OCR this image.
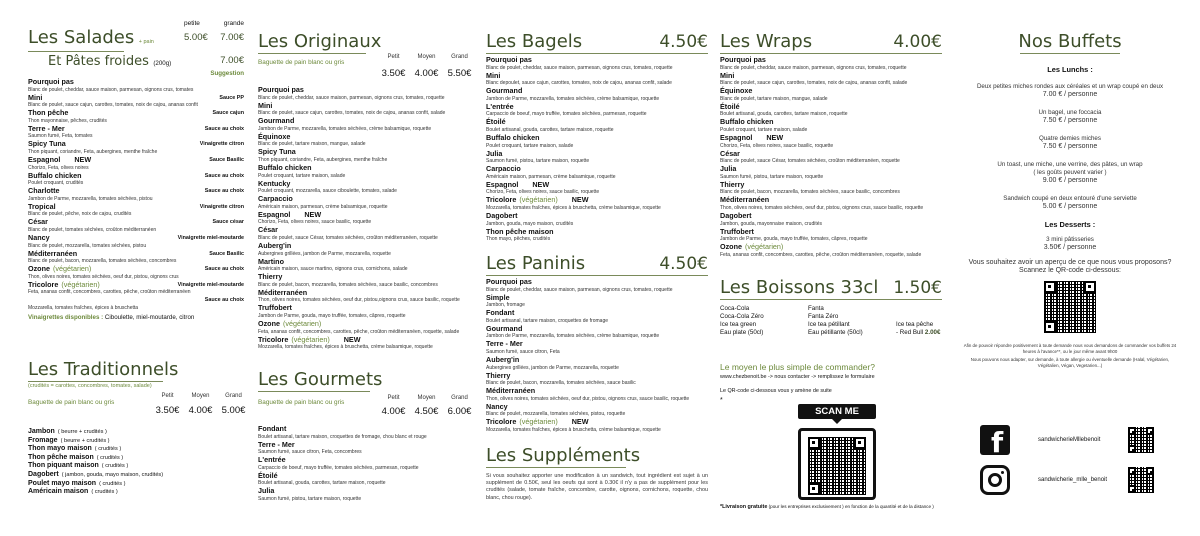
Les Salades + pain
petite	grande
5.00€ 7.00€
Et Pâtes froides (200g)	7.00€
Suggestion
Pourquoi pas
Blanc de poulet, cheddar, sauce maison, parmesan, oignons crus, tomates
Mini	Sauce PP
Blanc de poulet, sauce cajun, carottes, tomates, noix de cajou, ananas confit
Thon pêche	Sauce cajun
Thon mayonnaise, pêches, crudités
Terre - Mer	Sauce au choix
Saumon fumé, Feta, tomates
Spicy Tuna	Vinaigrette citron
Thon piquant, coriandre, Feta, aubergines, menthe fraîche
Espagnol NEW	Sauce Basilic
Chorizo, Feta, olives noires
Buffalo chicken	Sauce au choix
Poulet croquant, crudités
Charlotte	Sauce au choix
Jambon de Parme, mozzarella, tomates séchées, pistou
Tropical	Vinaigrette citron
Blanc de poulet, pêche, noix de cajou, crudités
César	Sauce césar
Blanc de poulet, tomates séchées, croûton méditerranéen
Nancy	Vinaigrette miel-moutarde
Blanc de poulet, mozzarella, tomates séchées, pistou
Méditerranéen	Sauce Basilic
Blanc de poulet, bacon, mozzarella, tomates séchées, concombres
Ozone (végétarien)	Sauce au choix
Thon, olives noires, tomates séchées, oeuf dur, pistou, oignons crus
Tricolore (végétarien)	Vinaigrette miel-moutarde
Feta, ananas confit, concombres, carottes, pêche, croûton méditerranéen
Sauce au choix
Mozzarella, tomates fraîches, épices à bruschetta
Vinaigrettes disponibles : Ciboulette, miel-moutarde, citron
Les Traditionnels
(crudités = carottes, concombres, tomates, salade)
Baguette de pain blanc ou gris
Petit	Moyen	Grand
3.50€ 4.00€ 5.00€
Jambon ( beurre + crudités )
Fromage ( beurre + crudités )
Thon mayo maison ( crudités )
Thon pêche maison ( crudités )
Thon piquant maison ( crudités )
Dagobert ( jambon, gouda, mayo maison, crudités)
Poulet mayo maison ( crudités )
Américain maison ( crudités )
Les Originaux
Petit	Moyen	Grand
Baguette de pain blanc ou gris
3.50€ 4.00€ 5.50€
Pourquoi pas
Blanc de poulet, cheddar, sauce maison, parmesan, oignons crus, tomates, roquette
Mini
Blanc de poulet, sauce cajun, carottes, tomates, noix de cajou, ananas confit, salade
Gourmand
Jambon de Parme, mozzarella, tomates séchées, crème balsamique, roquette
Équinoxe
Blanc de poulet, tartare maison, mangue, salade
Spicy Tuna
Thon piquant, coriandre, Feta, aubergines, menthe fraîche
Buffalo chicken
Poulet croquant, tartare maison, salade
Kentucky
Poulet croquant, mozzarella, sauce ciboulette, tomates, salade
Carpaccio
Américain maison, parmesan, crème balsamique, roquette
Espagnol NEW
Chorizo, Feta, olives noires, sauce basilic, roquette
César
Blanc de poulet, sauce César, tomates séchées, croûton méditerranéen, roquette
Auberg'in
Aubergines grillées, jambon de Parme, mozzarella, roquette
Martino
Américain maison, sauce martino, oignons crus, cornichons, salade
Thierry
Blanc de poulet, bacon, mozzarella, tomates séchées, sauce basilic, concombres
Méditerranéen
Thon, olives noires, tomates séchées, oeuf dur, pistou,oignons crus, sauce basilic, roquette
Truffobert
Jambon de Parme, gouda, mayo truffée, tomates, câpres, roquette
Ozone (végétarien)
Feta, ananas confit, concombres, carottes, pêche, croûton méditerranéen, roquette, salade
Tricolore (végétarien) NEW
Mozzarella, tomates fraîches, épices à bruschetta, crème balsamique, roquette
Les Gourmets
Baguette de pain blanc ou gris
Petit	Moyen	Grand
4.00€ 4.50€ 6.00€
Fondant
Boulet artisanal, tartare maison, croquettes de fromage, chou blanc et rouge
Terre - Mer
Saumon fumé, sauce citron, Feta, concombres
L'entrée
Carpaccio de boeuf, mayo truffée, tomates séchées, parmesan, roquette
Étoilé
Boulet artisanal, gouda, carottes, tartare maison, roquette
Julia
Saumon fumé, pistou, tartare maison, roquette
Les Bagels	4.50€
Pourquoi pas
Blanc de poulet, cheddar, sauce maison, parmesan, oignons crus, tomates, roquette
Mini
Blanc depoulet, sauce cajun, carottes, tomates, noix de cajou, ananas confit, salade
Gourmand
Jambon de Parme, mozzarella, tomates séchées, crème balsamique, roquette
L'entrée
Carpaccio de boeuf, mayo truffée, tomates séchées, parmesan, roquette
Étoilé
Boulet artisanal, gouda, carottes, tartare maison, roquette
Buffalo chicken
Poulet croquant, tartare maison, salade
Julia
Saumon fumé, pistou, tartare maison, roquette
Carpaccio
Américain maison, parmesan, crème balsamique, roquette
Espagnol NEW
Chorizo, Feta, olives noires, sauce basilic, roquette
Tricolore (végétarien) NEW
Mozzarella, tomates fraîches, épices à bruschetta, crème balsamique, roquette
Dagobert
Jambon, gouda, mayo maison, crudités
Thon pêche maison
Thon mayo, pêches, crudités
Les Paninis	4.50€
Pourquoi pas
Blanc de poulet, cheddar, sauce maison, parmesan, oignons crus, tomates, roquette
Simple
Jambon, fromage
Fondant
Boulet artisanal, tartare maison, croquettes de fromage
Gourmand
Jambon de Parme, mozzarella, tomates séchées, crème balsamique, roquette
Terre - Mer
Saumon fumé, sauce citron, Feta
Auberg'in
Aubergines grillées, jambon de Parme, mozzarella, roquette
Thierry
Blanc de poulet, bacon, mozzarella, tomates séchées, sauce basilic
Méditerranéen
Thon, olives noires, tomates séchées, oeuf dur, pistou, oignons crus, sauce basilic, roquette
Nancy
Blanc de poulet, mozzarella, tomates séchées, pistou, roquette
Tricolore (végétarien) NEW
Mozzarella, tomates fraîches, épices à bruschetta, crème balsamique, roquette
Les Suppléments
Si vous souhaitez apporter une modification à un sandwich, tout ingrédient est sujet à un supplément de 0.50€, seul les oeufs qui sont à 0.30€ il n'y a pas de supplément pour les crudités (salade, tomate fraîche, concombre, carotte, oignons, cornichons, roquette, chou blanc, chou rouge).
Les Wraps	4.00€
Pourquoi pas
Blanc de poulet, cheddar, sauce maison, parmesan, oignons crus, tomates, roquette
Mini
Blanc de poulet, sauce cajun, carottes, tomates, noix de cajou, ananas confit, salade
Équinoxe
Blanc de poulet, tartare maison, mangue, salade
Étoilé
Boulet artisanal, gouda, carottes, tartare maison, roquette
Buffalo chicken
Poulet croquant, tartare maison, salade
Espagnol NEW
Chorizo, Feta, olives noires, sauce basilic, roquette
César
Blanc de poulet, sauce César, tomates séchées, croûton méditerranéen, roquette
Julia
Saumon fumé, pistou, tartare maison, roquette
Thierry
Blanc de poulet, bacon, mozzarella, tomates séchées, sauce basilic, concombres
Méditerranéen
Thon, olives noires, tomates séchées, oeuf dur, pistou, oignons crus, sauce basilic, roquette
Dagobert
Jambon, gouda, mayonnaise maison, crudités
Truffobert
Jambon de Parme, gouda, mayo truffée, tomates, câpres, roquette
Ozone (végétarien)
Feta, ananas confit, concombres, carottes, pêche, croûton méditerranéen, roquette, salade
Les Boissons 33cl 1.50€
Coca-Cola
Coca-Cola Zéro
Ice tea green
Eau plate (50cl)
Fanta
Fanta Zéro
Ice tea pétillant
Eau pétillante (50cl)
Ice tea pêche
- Red Bull 2.00€
Le moyen le plus simple de commander?
www.chezbenoit.be -> nous contacter -> remplissez le formulaire
Le QR-code ci-dessous vous y amène de suite
*
SCAN ME
*Livraison gratuite (pour les entreprises exclusivement ) en fonction de la quantité et de la distance )
Nos Buffets
Les Lunchs :
Deux petites miches rondes aux céréales et un wrap coupé en deux
7.00 € / personne
Un bagel, une foccacia
7.50 € / personne
Quatre demies miches
7.50 € / personne
Un toast, une miche, une verrine, des pâtes, un wrap
( les goûts peuvent varier )
9.00 € / personne
Sandwich coupé en deux entouré d'une serviette
5.00 € / personne
Les Desserts :
3 mini pâtisseries
3.50€ / personne
Vous souhaitez avoir un aperçu de ce que nous vous proposons?
Scannez le QR-code ci-dessous:
Afin de pouvoir répondre positivement à toute demande nous vous demandons de commander vos buffets 24 heures à l'avance**, ou le jour même avant 9h00
Nous pouvons nous adapter, sur demande, à toute allergie ou éventuelle demande (Halal, Végétarien, Végétalien, Végan, Vegetarien...)
f	sandwicherieMllebenoit
sandwicherie_mlle_benoit
